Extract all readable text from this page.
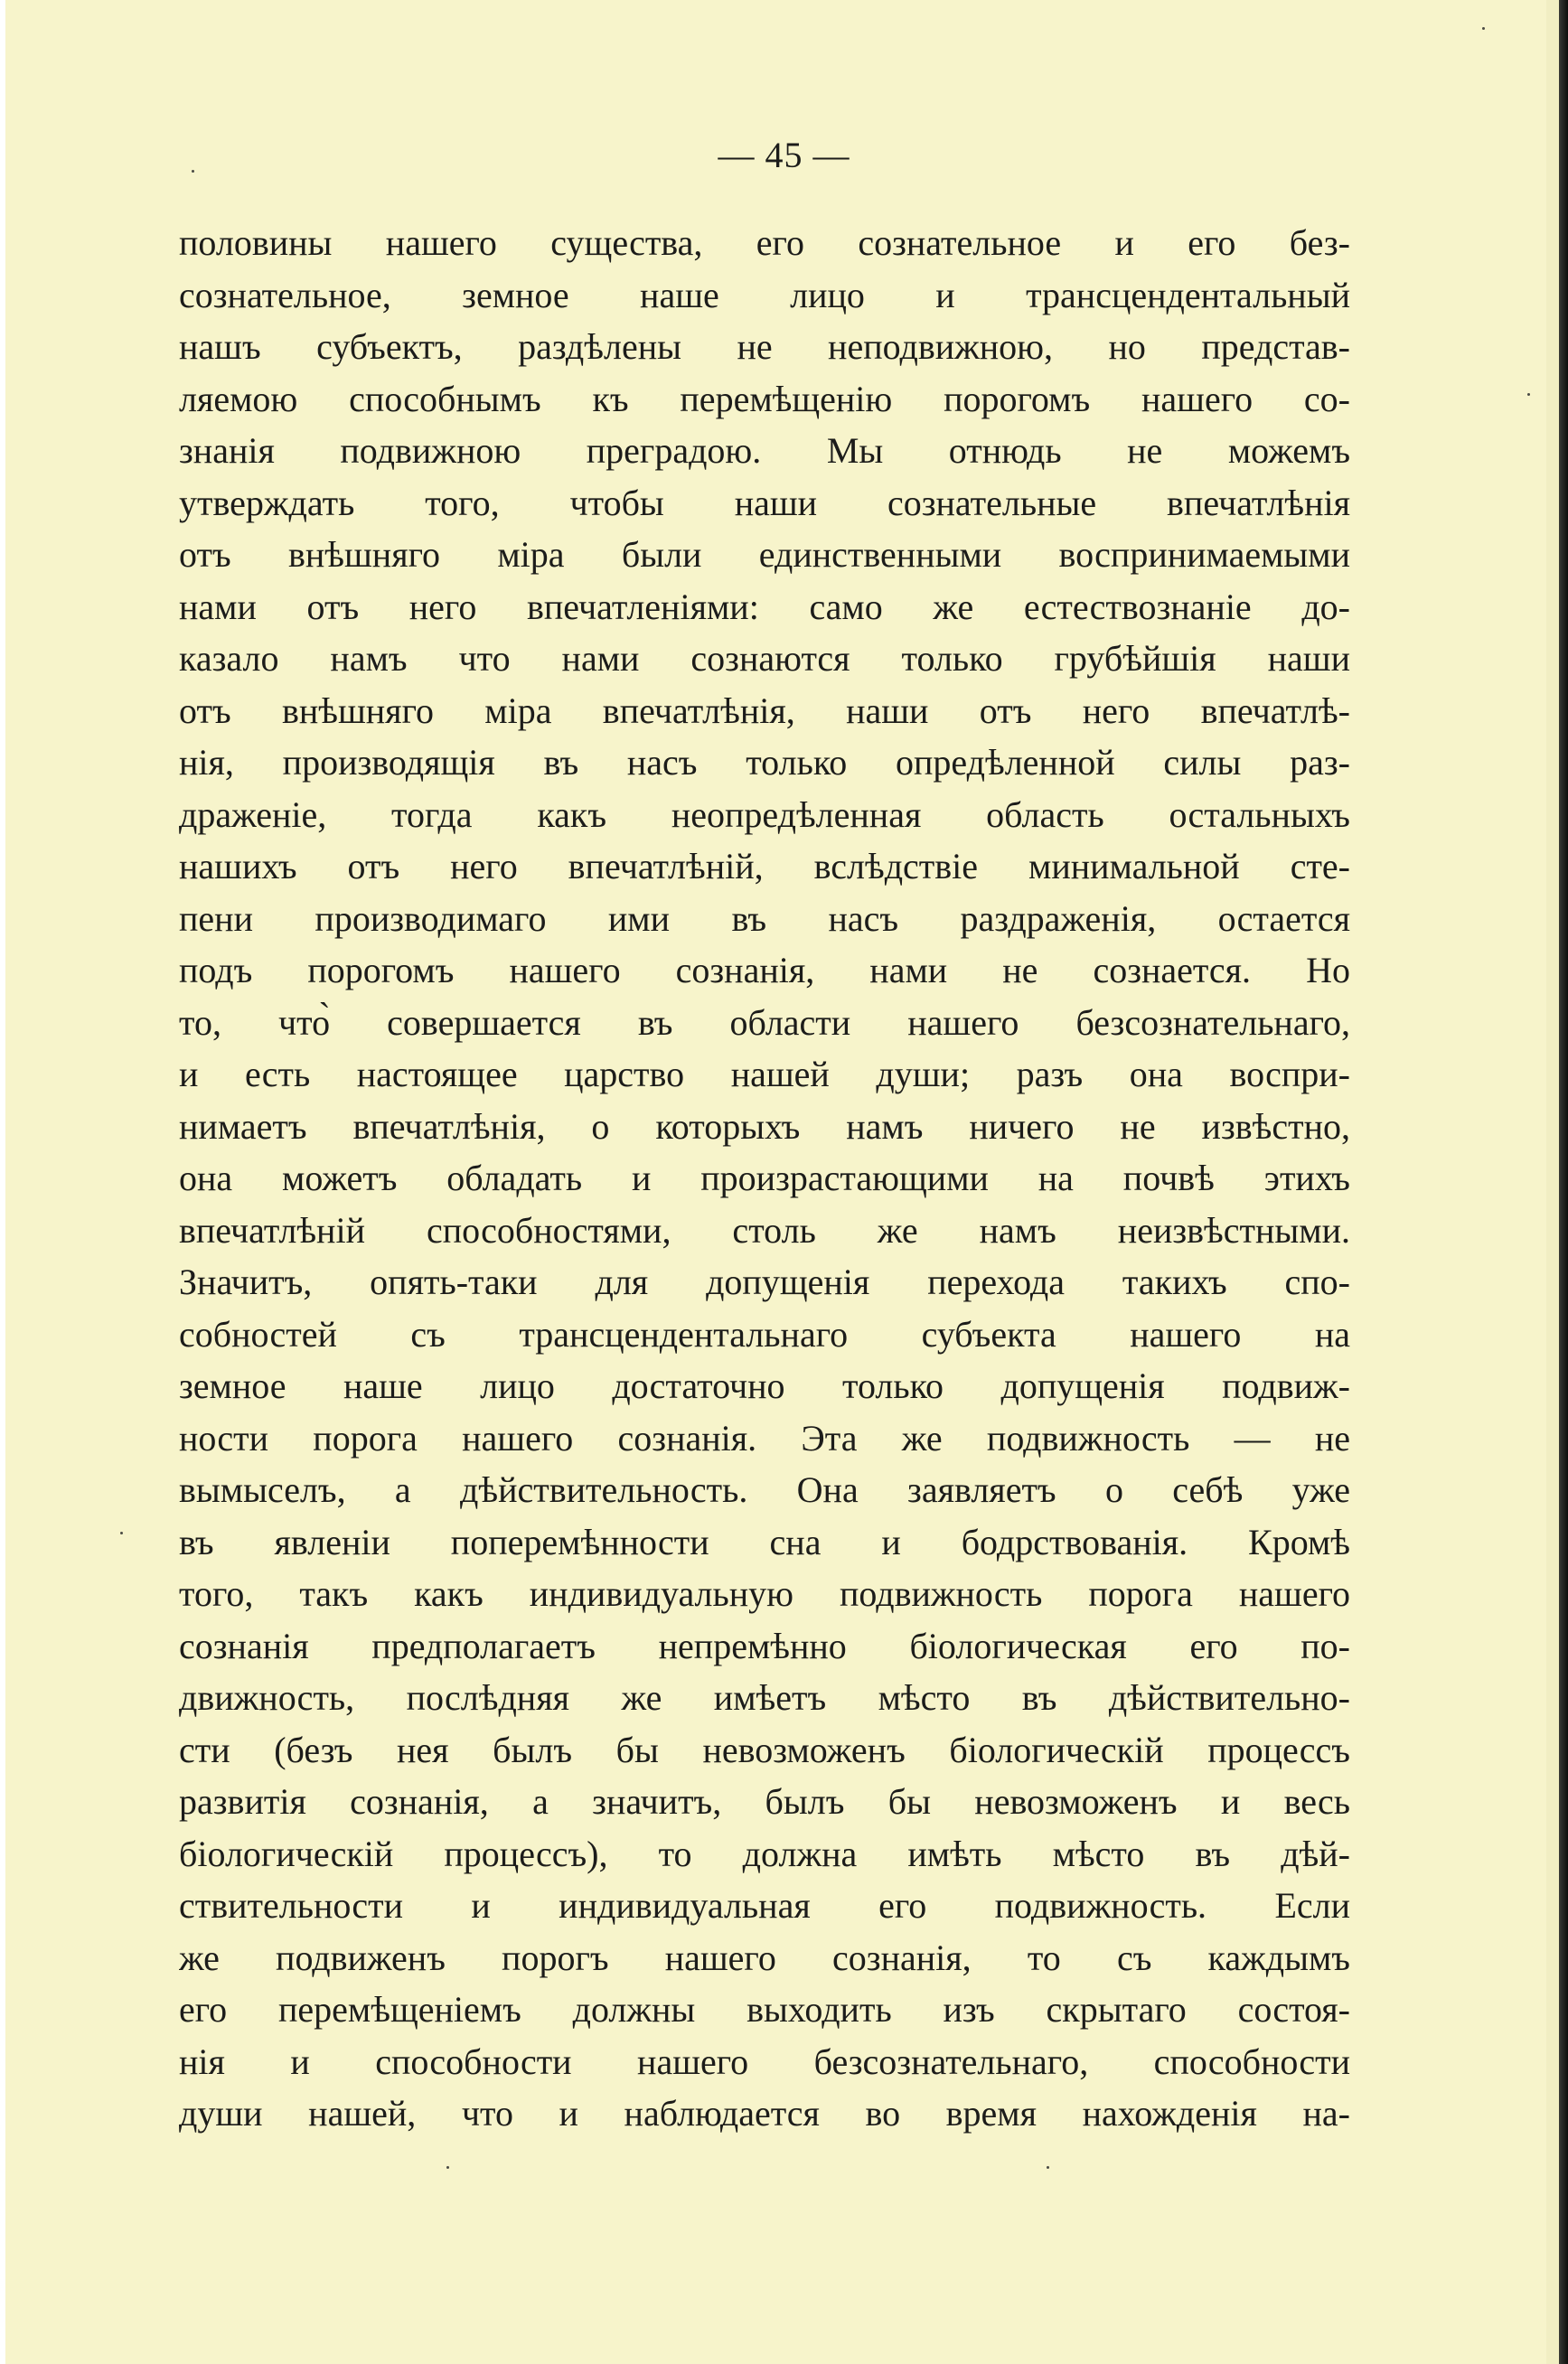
— 45 —
половины нашего существа, его сознательное и его без-
сознательное, земное наше лицо и трансцендентальный
нашъ субъектъ, раздѣлены не неподвижною, но представ-
ляемою способнымъ къ перемѣщенію порогомъ нашего со-
знанія подвижною преградою. Мы отнюдь не можемъ
утверждать того, чтобы наши сознательные впечатлѣнія
отъ внѣшняго міра были единственными воспринимаемыми
нами отъ него впечатленіями: само же естествознаніе до-
казало намъ что нами сознаются только грубѣйшія наши
отъ внѣшняго міра впечатлѣнія, наши отъ него впечатлѣ-
нія, производящія въ насъ только опредѣленной силы раз-
драженіе, тогда какъ неопредѣленная область остальныхъ
нашихъ отъ него впечатлѣній, вслѣдствіе минимальной сте-
пени производимаго ими въ насъ раздраженія, остается
подъ порогомъ нашего сознанія, нами не сознается. Но
то, что̀ совершается въ области нашего безсознательнаго,
и есть настоящее царство нашей души; разъ она воспри-
нимаетъ впечатлѣнія, о которыхъ намъ ничего не извѣстно,
она можетъ обладать и произрастающими на почвѣ этихъ
впечатлѣній способностями, столь же намъ неизвѣстными.
Значитъ, опять-таки для допущенія перехода такихъ спо-
собностей съ трансцендентальнаго субъекта нашего на
земное наше лицо достаточно только допущенія подвиж-
ности порога нашего сознанія. Эта же подвижность — не
вымыселъ, а дѣйствительность. Она заявляетъ о себѣ уже
въ явленіи поперемѣнности сна и бодрствованія. Кромѣ
того, такъ какъ индивидуальную подвижность порога нашего
сознанія предполагаетъ непремѣнно біологическая его по-
движность, послѣдняя же имѣетъ мѣсто въ дѣйствительно-
сти (безъ нея былъ бы невозможенъ біологическій процессъ
развитія сознанія, а значитъ, былъ бы невозможенъ и весь
біологическій процессъ), то должна имѣть мѣсто въ дѣй-
ствительности и индивидуальная его подвижность. Если
же подвиженъ порогъ нашего сознанія, то съ каждымъ
его перемѣщеніемъ должны выходить изъ скрытаго состоя-
нія и способности нашего безсознательнаго, способности
души нашей, что и наблюдается во время нахожденія на-
